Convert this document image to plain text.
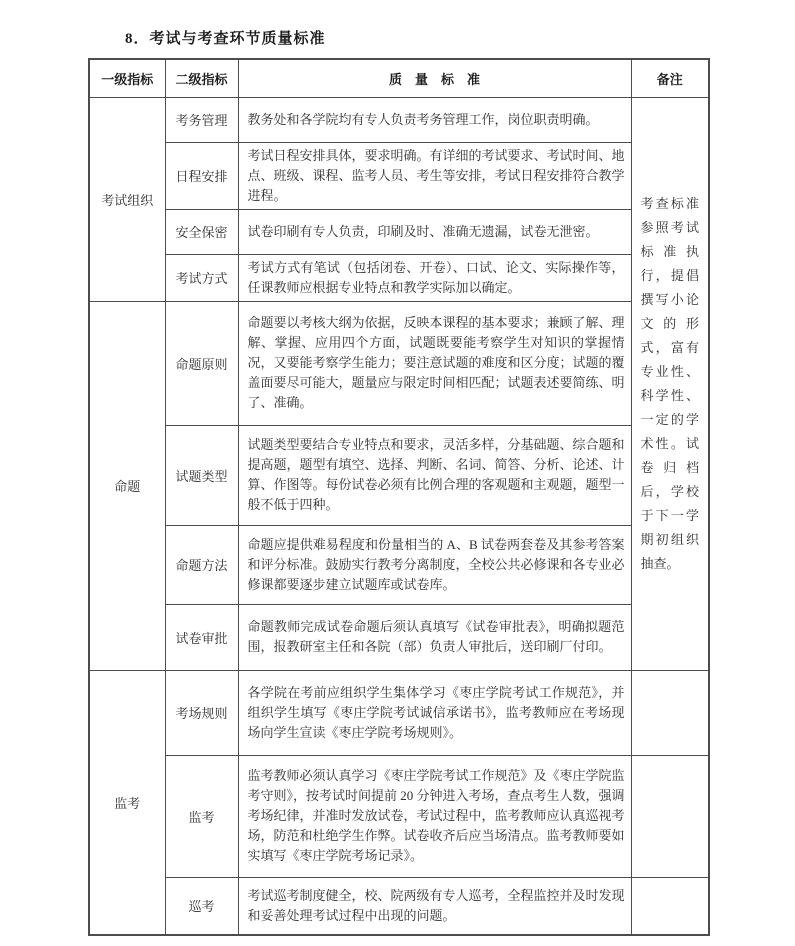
8．考试与考查环节质量标准
一级指标	二级指标	质　量　标　准	备注
考试组织	考务管理	教务处和各学院均有专人负责考务管理工作，岗位职责明确。	考查标准参照考试标准执行，提倡撰写小论文的形式，富有专业性、科学性、一定的学术性。试卷归档后，学校于下一学期初组织抽查。
	日程安排	考试日程安排具体，要求明确。有详细的考试要求、考试时间、地点、班级、课程、监考人员、考生等安排，考试日程安排符合教学进程。	
	安全保密	试卷印刷有专人负责，印刷及时、准确无遗漏，试卷无泄密。	
	考试方式	考试方式有笔试（包括闭卷、开卷）、口试、论文、实际操作等，任课教师应根据专业特点和教学实际加以确定。	
命题	命题原则	命题要以考核大纲为依据，反映本课程的基本要求；兼顾了解、理解、掌握、应用四个方面，试题既要能考察学生对知识的掌握情况，又要能考察学生能力；要注意试题的难度和区分度；试题的覆盖面要尽可能大，题量应与限定时间相匹配；试题表述要简练、明了、准确。	
	试题类型	试题类型要结合专业特点和要求，灵活多样，分基础题、综合题和提高题，题型有填空、选择、判断、名词、简答、分析、论述、计算、作图等。每份试卷必须有比例合理的客观题和主观题，题型一般不低于四种。	
	命题方法	命题应提供难易程度和份量相当的 A、B 试卷两套卷及其参考答案和评分标准。鼓励实行教考分离制度，全校公共必修课和各专业必修课都要逐步建立试题库或试卷库。	
	试卷审批	命题教师完成试卷命题后须认真填写《试卷审批表》，明确拟题范围，报教研室主任和各院（部）负责人审批后，送印刷厂付印。	
监考	考场规则	各学院在考前应组织学生集体学习《枣庄学院考试工作规范》，并组织学生填写《枣庄学院考试诚信承诺书》，监考教师应在考场现场向学生宣读《枣庄学院考场规则》。	
	监考	监考教师必须认真学习《枣庄学院考试工作规范》及《枣庄学院监考守则》，按考试时间提前 20 分钟进入考场，查点考生人数，强调考场纪律，并准时发放试卷，考试过程中，监考教师应认真巡视考场，防范和杜绝学生作弊。试卷收齐后应当场清点。监考教师要如实填写《枣庄学院考场记录》。	
	巡考	考试巡考制度健全，校、院两级有专人巡考，全程监控并及时发现和妥善处理考试过程中出现的问题。	
